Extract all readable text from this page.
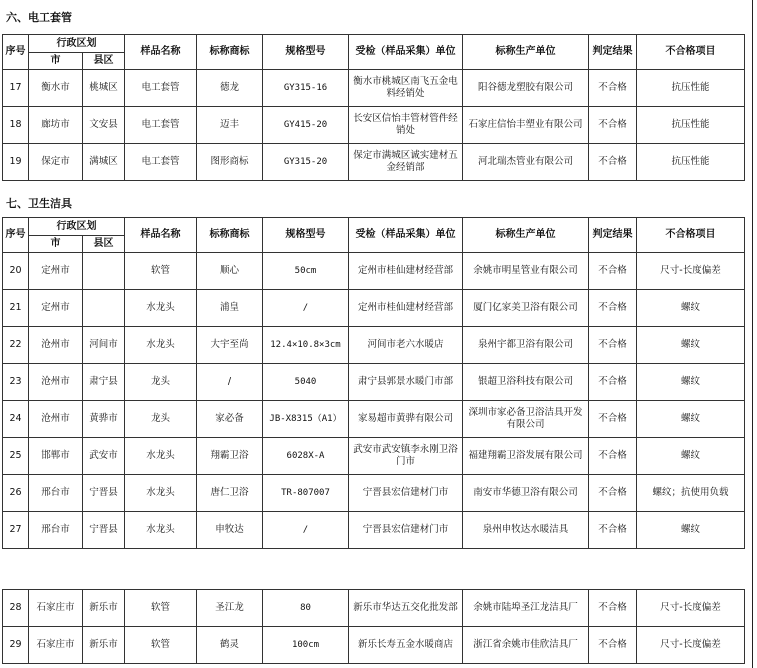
六、电工套管
序号	行政区划		样品名称	标称商标	规格型号	受检（样品采集）单位	标称生产单位	判定结果	不合格项目
	市	县区							
17	衡水市	桃城区	电工套管	德龙	GY315-16	衡水市桃城区南飞五金电料经销处	阳谷德龙塑胶有限公司	不合格	抗压性能
18	廊坊市	文安县	电工套管	迈丰	GY415-20	长安区信怡丰管材管件经销处	石家庄信怡丰塑业有限公司	不合格	抗压性能
19	保定市	满城区	电工套管	图形商标	GY315-20	保定市满城区诚实建材五金经销部	河北瑞杰管业有限公司	不合格	抗压性能
七、卫生洁具
序号	行政区划		样品名称	标称商标	规格型号	受检（样品采集）单位	标称生产单位	判定结果	不合格项目
	市	县区							
20	定州市		软管	顺心	50cm	定州市桂仙建材经营部	余姚市明星管业有限公司	不合格	尺寸-长度偏差
21	定州市		水龙头	浦皇	/	定州市桂仙建材经营部	厦门亿家美卫浴有限公司	不合格	螺纹
22	沧州市	河间市	水龙头	大宇至尚	12.4×10.8×3cm	河间市老六水暖店	泉州宇都卫浴有限公司	不合格	螺纹
23	沧州市	肃宁县	龙头	/	5040	肃宁县郭景水暖门市部	银超卫浴科技有限公司	不合格	螺纹
24	沧州市	黄骅市	龙头	家必备	JB-X8315（A1）	家易超市黄骅有限公司	深圳市家必备卫浴洁具开发有限公司	不合格	螺纹
25	邯郸市	武安市	水龙头	翔霸卫浴	6028X-A	武安市武安镇李永刚卫浴门市	福建翔霸卫浴发展有限公司	不合格	螺纹
26	邢台市	宁晋县	水龙头	唐仁卫浴	TR-807007	宁晋县宏信建材门市	南安市华德卫浴有限公司	不合格	螺纹；抗使用负载
27	邢台市	宁晋县	水龙头	申牧达	/	宁晋县宏信建材门市	泉州申牧达水暖洁具	不合格	螺纹
28	石家庄市	新乐市	软管	圣江龙	80	新乐市华达五交化批发部	余姚市陆埠圣江龙洁具厂	不合格	尺寸-长度偏差
29	石家庄市	新乐市	软管	鹤灵	100cm	新乐长寿五金水暖商店	浙江省余姚市佳欣洁具厂	不合格	尺寸-长度偏差
